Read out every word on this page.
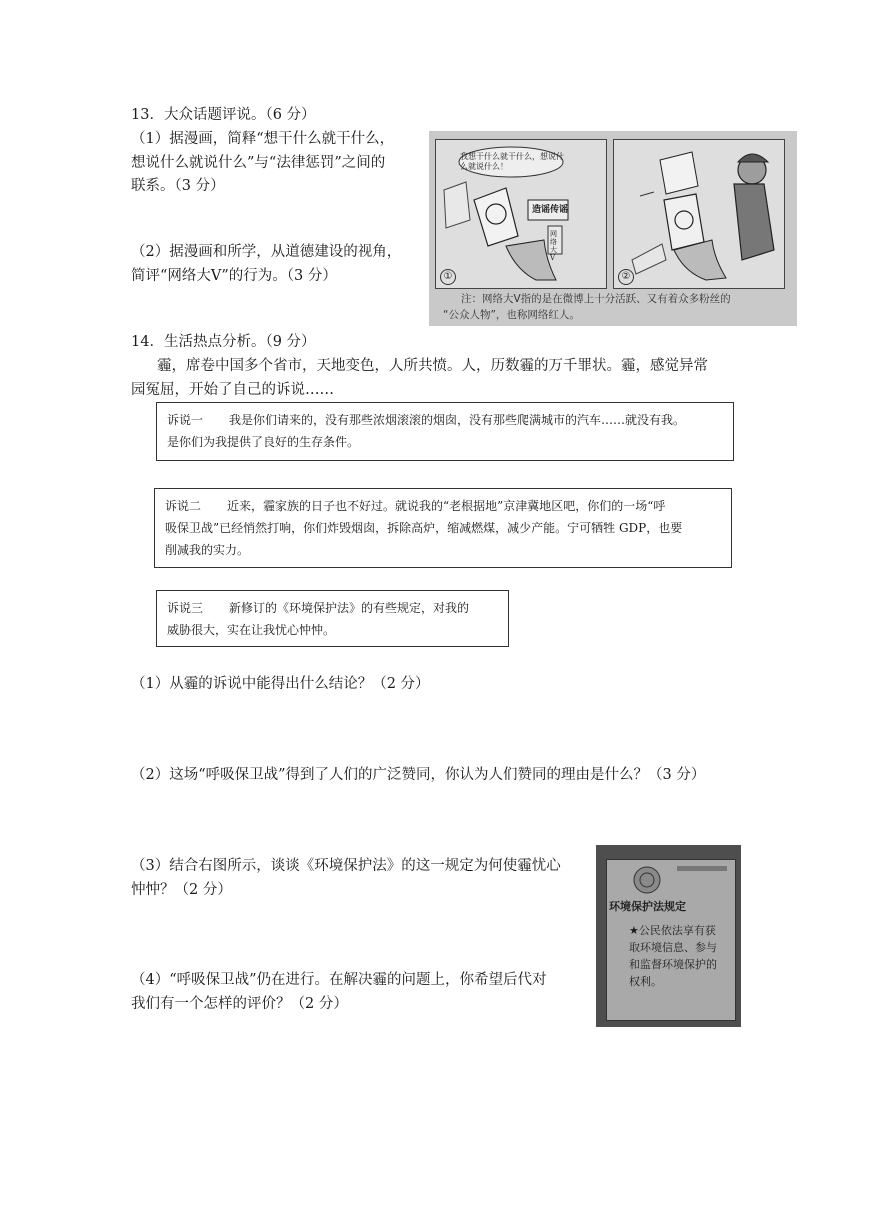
13．大众话题评说。（6 分）
（1）据漫画，简释“想干什么就干什么，
想说什么就说什么”与“法律惩罚”之间的
联系。（3 分）
（2）据漫画和所学，从道德建设的视角，
简评“网络大Ⅴ”的行为。（3 分）
我想干什么就干什么，想说什么就说什么！
造谣传谣
网络大V
①	②
注：网络大Ⅴ指的是在微博上十分活跃、又有着众多粉丝的
“公众人物”，也称网络红人。
14．生活热点分析。（9 分）
霾，席卷中国多个省市，天地变色，人所共愤。人，历数霾的万千罪状。霾，感觉异常
园冤屈，开始了自己的诉说……
诉说一 我是你们请来的，没有那些浓烟滚滚的烟囱，没有那些爬满城市的汽车……就没有我。
是你们为我提供了良好的生存条件。
诉说二 近来，霾家族的日子也不好过。就说我的“老根据地”京津冀地区吧，你们的一场“呼
吸保卫战”已经悄然打响，你们炸毁烟囱，拆除高炉，缩减燃煤，减少产能。宁可牺牲 GDP，也要
削减我的实力。
诉说三 新修订的《环境保护法》的有些规定，对我的
威胁很大，实在让我忧心忡忡。
（1）从霾的诉说中能得出什么结论？（2 分）
（2）这场“呼吸保卫战”得到了人们的广泛赞同，你认为人们赞同的理由是什么？（3 分）
（3）结合右图所示，谈谈《环境保护法》的这一规定为何使霾忧心
忡忡？（2 分）
（4）“呼吸保卫战”仍在进行。在解决霾的问题上，你希望后代对
我们有一个怎样的评价？（2 分）
环境保护法规定
★公民依法享有获取环境信息、参与和监督环境保护的权利。
